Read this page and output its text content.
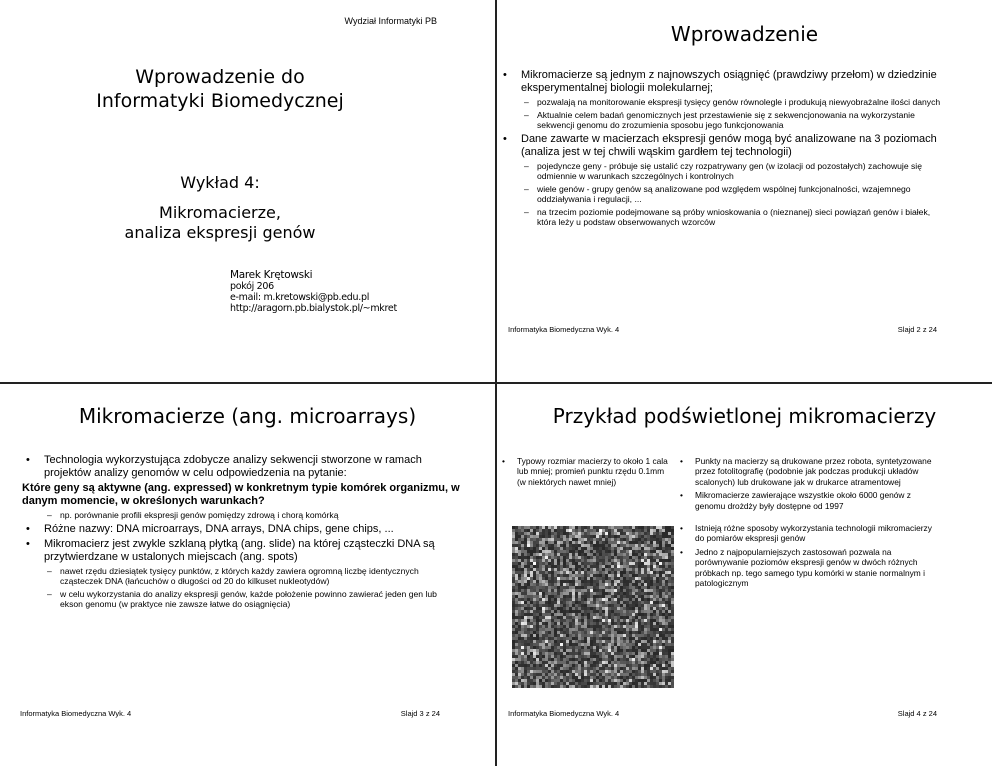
Wydział Informatyki PB
Wprowadzenie do
Informatyki Biomedycznej
Wykład 4:
Mikromacierze,
analiza ekspresji genów
Marek Krętowski
pokój 206
e-mail: m.kretowski@pb.edu.pl
http://aragorn.pb.bialystok.pl/~mkret
Wprowadzenie
• Mikromacierze są jednym z najnowszych osiągnięć (prawdziwy przełom) w dziedzinie eksperymentalnej biologii molekularnej;
– pozwalają na monitorowanie ekspresji tysięcy genów równolegle i produkują niewyobrażalne ilości danych
– Aktualnie celem badań genomicznych jest przestawienie się z sekwencjonowania na wykorzystanie sekwencji genomu do zrozumienia sposobu jego funkcjonowania
• Dane zawarte w macierzach ekspresji genów mogą być analizowane na 3 poziomach (analiza jest w tej chwili wąskim gardłem tej technologii)
– pojedyncze geny - próbuje się ustalić czy rozpatrywany gen (w izolacji od pozostałych) zachowuje się odmiennie w warunkach szczególnych i kontrolnych
– wiele genów - grupy genów są analizowane pod względem wspólnej funkcjonalności, wzajemnego oddziaływania i regulacji, ...
– na trzecim poziomie podejmowane są próby wnioskowania o (nieznanej) sieci powiązań genów i białek, która leży u podstaw obserwowanych wzorców
Informatyka Biomedyczna Wyk. 4	Slajd 2 z 24
Mikromacierze (ang. microarrays)
• Technologia wykorzystująca zdobycze analizy sekwencji stworzone w ramach projektów analizy genomów w celu odpowiedzenia na pytanie:
Które geny są aktywne (ang. expressed) w konkretnym typie komórek organizmu, w danym momencie, w określonych warunkach?
– np. porównanie profili ekspresji genów pomiędzy zdrową i chorą komórką
• Różne nazwy: DNA microarrays, DNA arrays, DNA chips, gene chips, ...
• Mikromacierz jest zwykle szklaną płytką (ang. slide) na której cząsteczki DNA są przytwierdzane w ustalonych miejscach (ang. spots)
– nawet rzędu dziesiątek tysięcy punktów, z których każdy zawiera ogromną liczbę identycznych cząsteczek DNA (łańcuchów o długości od 20 do kilkuset nukleotydów)
– w celu wykorzystania do analizy ekspresji genów, każde położenie powinno zawierać jeden gen lub ekson genomu (w praktyce nie zawsze łatwe do osiągnięcia)
Informatyka Biomedyczna Wyk. 4	Slajd 3 z 24
Przykład podświetlonej mikromacierzy
• Typowy rozmiar macierzy to około 1 cala lub mniej; promień punktu rzędu 0.1mm (w niektórych nawet mniej)
• Punkty na macierzy są drukowane przez robota, syntetyzowane przez fotolitografię (podobnie jak podczas produkcji układów scalonych) lub drukowane jak w drukarce atramentowej
• Mikromacierze zawierające wszystkie około 6000 genów z genomu drożdży były dostępne od 1997
• Istnieją różne sposoby wykorzystania technologii mikromacierzy do pomiarów ekspresji genów
• Jedno z najpopularniejszych zastosowań pozwala na porównywanie poziomów ekspresji genów w dwóch różnych próbkach np. tego samego typu komórki w stanie normalnym i patologicznym
Informatyka Biomedyczna Wyk. 4	Slajd 4 z 24
